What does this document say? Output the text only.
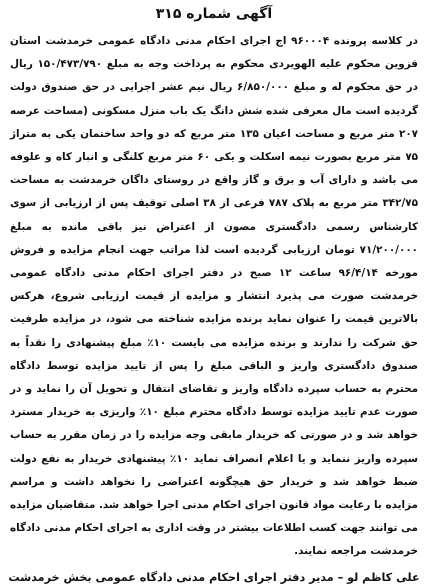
آگهی شماره ۳۱۵

در کلاسه پرونده ۹۶۰۰۰۴ اج اجرای احکام مدنی دادگاه عمومی خرمدشت استان قزوین محکوم علیه الهویردی محکوم به پرداخت وجه به مبلغ ۱۵۰/۴۷۳/۷۹۰ ریال در حق محکوم له و مبلغ ۶/۸۵۰/۰۰۰ ریال نیم عشر اجرایی در حق صندوق دولت گردیده است مال معرفی شده شش دانگ یک باب منزل مسکونی (مساحت عرصه ۲۰۷ متر مربع و مساحت اعیان ۱۳۵ متر مربع که دو واحد ساختمان یکی به متراژ ۷۵ متر مربع بصورت نیمه اسکلت و یکی ۶۰ متر مربع کلنگی و انبار کاه و علوفه می باشد و دارای آب و برق و گاز واقع در روستای داگان خرمدشت به مساحت ۳۴۲/۷۵ متر مربع به پلاک ۷۸۷ فرعی از ۳۸ اصلی توقیف پس از ارزیابی از سوی کارشناس رسمی دادگستری مصون از اعتراض نیز باقی مانده به مبلغ ۷۱/۲۰۰/۰۰۰ تومان ارزیابی گردیده است لذا مراتب جهت انجام مزایده و فروش مورخه ۹۶/۴/۱۴ ساعت ۱۲ صبح در دفتر اجرای احکام مدنی دادگاه عمومی خرمدشت صورت می پذیرد انتشار و مزایده از قیمت ارزیابی شروع، هرکس بالاترین قیمت را عنوان نماید برنده مزایده شناخته می شود، در مزایده طرفیت حق شرکت را ندارند و برنده مزایده می بایست ۱۰٪ مبلغ پیشنهادی را نقداً به صندوق دادگستری واریز و الباقی مبلغ را پس از تایید مزایده توسط دادگاه محترم به حساب سپرده دادگاه واریز و تقاضای انتقال و تحویل آن را نماید و در صورت عدم تایید مزایده توسط دادگاه محترم مبلغ ۱۰٪ واریزی به خریدار مسترد خواهد شد و در صورتی که خریدار مابقی وجه مزایده را در زمان مقرر به حساب سپرده واریز ننماید و یا اعلام انصراف نماید ۱۰٪ پیشنهادی خریدار به نفع دولت ضبط خواهد شد و خریدار حق هیچگونه اعتراضی را نخواهد داشت و مراسم مزایده با رعایت مواد قانون اجرای احکام مدنی اجرا خواهد شد. متقاضیان مزایده می توانند جهت کسب اطلاعات بیشتر در وقت اداری به اجرای احکام مدنی دادگاه خرمدشت مراجعه نمایند.

علی کاظم لو – مدیر دفتر اجرای احکام مدنی دادگاه عمومی بخش خرمدشت
